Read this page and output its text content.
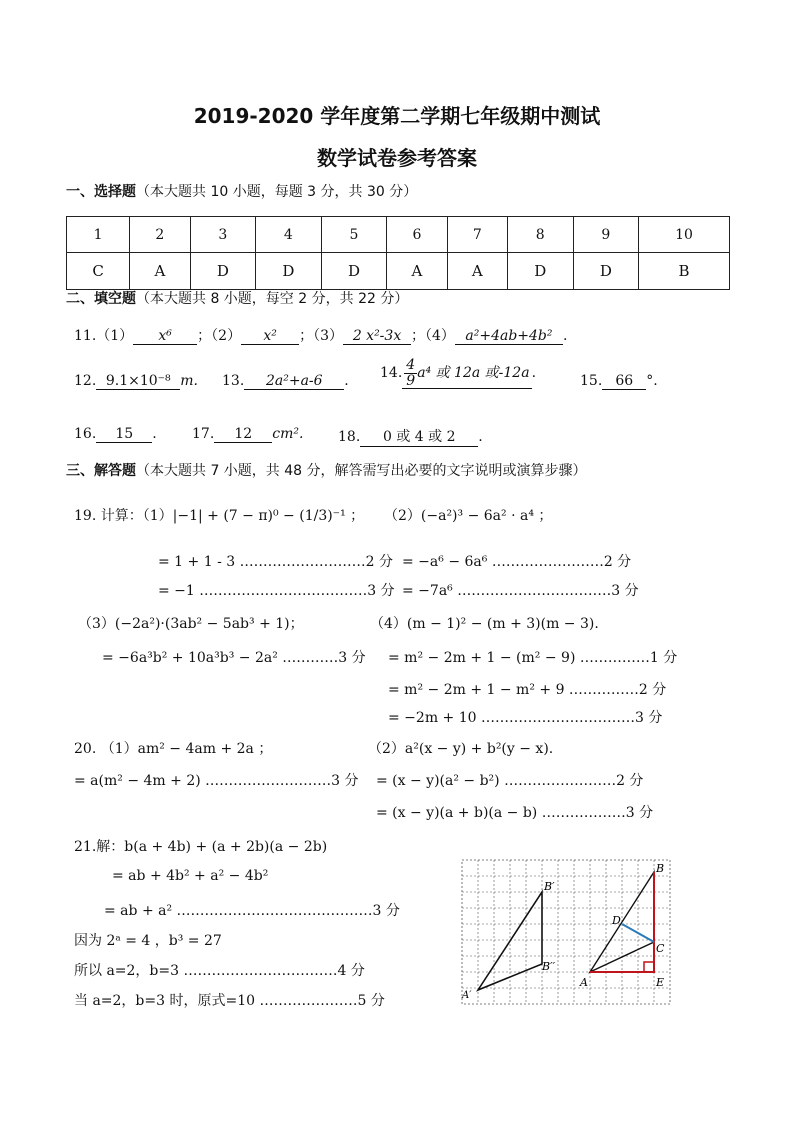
2019-2020 学年度第二学期七年级期中测试
数学试卷参考答案
一、选择题（本大题共 10 小题，每题 3 分，共 30 分）
1	2	3	4	5	6	7	8	9	10
C	A	D	D	D	A	A	D	D	B
二、填空题（本大题共 8 小题，每空 2 分，共 22 分）
11.（1） x⁶ ；（2） x² ；（3） 2 x²-3x ；（4） a²+4ab+4b² .
12. 9.1×10⁻⁸ m. 13. 2a²+a-6 . 14. $\frac{4}{9} a^4$ 或 12a 或-12a .	15. 66 °.
16. 15 .	17. 12 cm². 18. 0 或 4 或 2 .
三、解答题（本大题共 7 小题，共 48 分，解答需写出必要的文字说明或演算步骤）
19. 计算：（1）|−1| + (7 − π)⁰ − (1/3)⁻¹ ；
= 1 + 1 - 3 ………………………2 分
= −1 ………………………………3 分
（2）(−a²)³ − 6a² · a⁴ ；
= −a⁶ − 6a⁶ ……………………2 分
= −7a⁶ ……………………………3 分
（3）(−2a²)·(3ab² − 5ab³ + 1)；
= −6a³b² + 10a³b³ − 2a² …………3 分
（4）(m − 1)² − (m + 3)(m − 3).
= m² − 2m + 1 − (m² − 9) ……………1 分
= m² − 2m + 1 − m² + 9 ……………2 分
= −2m + 10 ……………………………3 分
20. （1）am² − 4am + 2a ；
= a(m² − 4m + 2) ………………………3 分
（2）a²(x − y) + b²(y − x).
= (x − y)(a² − b²) ……………………2 分
= (x − y)(a + b)(a − b) ………………3 分
21.解：b(a + 4b) + (a + 2b)(a − 2b)
= ab + 4b² + a² − 4b²
= ab + a² ……………………………………3 分
因为 2ᵃ = 4 ，b³ = 27
所以 a=2，b=3 ……………………………4 分
当 a=2，b=3 时，原式=10 …………………5 分	A′
B′
B′′
A
B
C
D
E
